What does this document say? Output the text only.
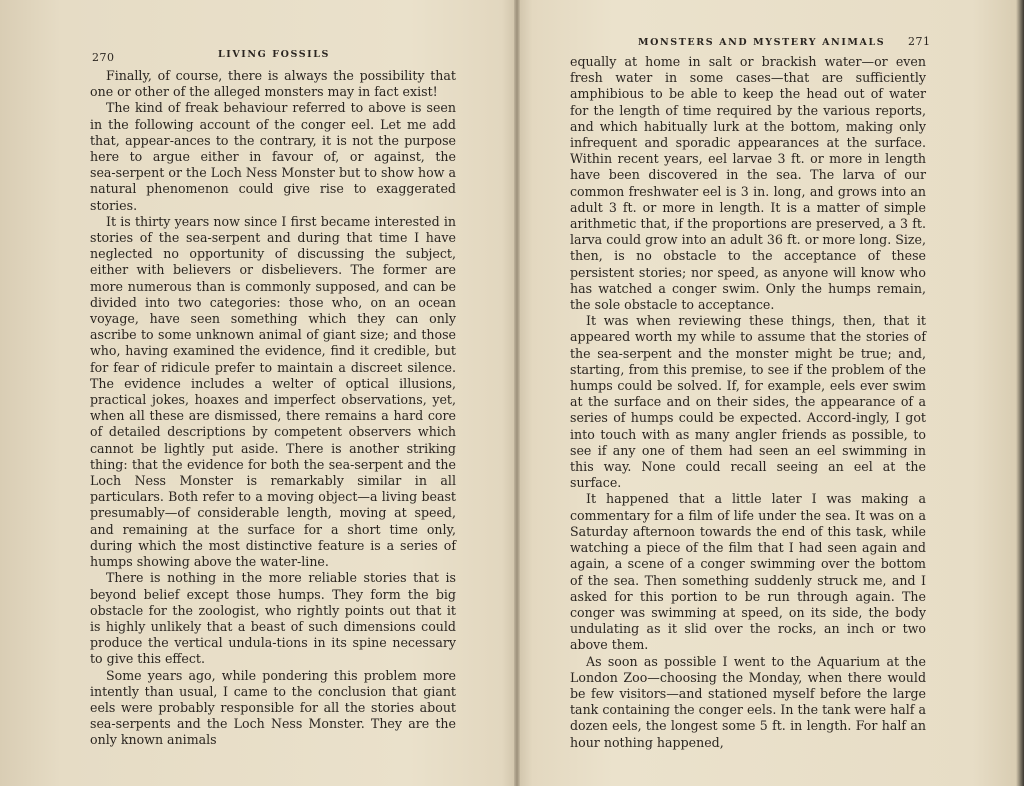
270	LIVING FOSSILS

Finally, of course, there is always the possibility that one or other of the alleged monsters may in fact exist!

The kind of freak behaviour referred to above is seen in the following account of the conger eel. Let me add that, appear‑ances to the contrary, it is not the purpose here to argue either in favour of, or against, the sea‑serpent or the Loch Ness Monster but to show how a natural phenomenon could give rise to exaggerated stories.

It is thirty years now since I first became interested in stories of the sea‑serpent and during that time I have neglected no opportunity of discussing the subject, either with believers or disbelievers. The former are more numerous than is commonly supposed, and can be divided into two categories: those who, on an ocean voyage, have seen something which they can only ascribe to some unknown animal of giant size; and those who, having examined the evidence, find it credible, but for fear of ridicule prefer to maintain a discreet silence. The evidence includes a welter of optical illusions, practical jokes, hoaxes and imperfect observations, yet, when all these are dismissed, there remains a hard core of detailed descriptions by competent observers which cannot be lightly put aside. There is another striking thing: that the evidence for both the sea‑serpent and the Loch Ness Monster is remarkably similar in all particulars. Both refer to a moving object—a living beast presumably—of considerable length, moving at speed, and remaining at the surface for a short time only, during which the most distinctive feature is a series of humps showing above the water‑line.

There is nothing in the more reliable stories that is beyond belief except those humps. They form the big obstacle for the zoologist, who rightly points out that it is highly unlikely that a beast of such dimensions could produce the vertical undula‑tions in its spine necessary to give this effect.

Some years ago, while pondering this problem more intently than usual, I came to the conclusion that giant eels were probably responsible for all the stories about sea‑serpents and the Loch Ness Monster. They are the only known animals

MONSTERS AND MYSTERY ANIMALS 271

equally at home in salt or brackish water—or even fresh water in some cases—that are sufficiently amphibious to be able to keep the head out of water for the length of time required by the various reports, and which habitually lurk at the bottom, making only infrequent and sporadic appearances at the surface. Within recent years, eel larvae 3 ft. or more in length have been discovered in the sea. The larva of our common freshwater eel is 3 in. long, and grows into an adult 3 ft. or more in length. It is a matter of simple arithmetic that, if the proportions are preserved, a 3 ft. larva could grow into an adult 36 ft. or more long. Size, then, is no obstacle to the acceptance of these persistent stories; nor speed, as anyone will know who has watched a conger swim. Only the humps remain, the sole obstacle to acceptance.

It was when reviewing these things, then, that it appeared worth my while to assume that the stories of the sea‑serpent and the monster might be true; and, starting, from this premise, to see if the problem of the humps could be solved. If, for example, eels ever swim at the surface and on their sides, the appearance of a series of humps could be expected. Accord‑ingly, I got into touch with as many angler friends as possible, to see if any one of them had seen an eel swimming in this way. None could recall seeing an eel at the surface.

It happened that a little later I was making a commentary for a film of life under the sea. It was on a Saturday afternoon towards the end of this task, while watching a piece of the film that I had seen again and again, a scene of a conger swimming over the bottom of the sea. Then something suddenly struck me, and I asked for this portion to be run through again. The conger was swimming at speed, on its side, the body undulating as it slid over the rocks, an inch or two above them.

As soon as possible I went to the Aquarium at the London Zoo—choosing the Monday, when there would be few visitors—and stationed myself before the large tank containing the conger eels. In the tank were half a dozen eels, the longest some 5 ft. in length. For half an hour nothing happened,
